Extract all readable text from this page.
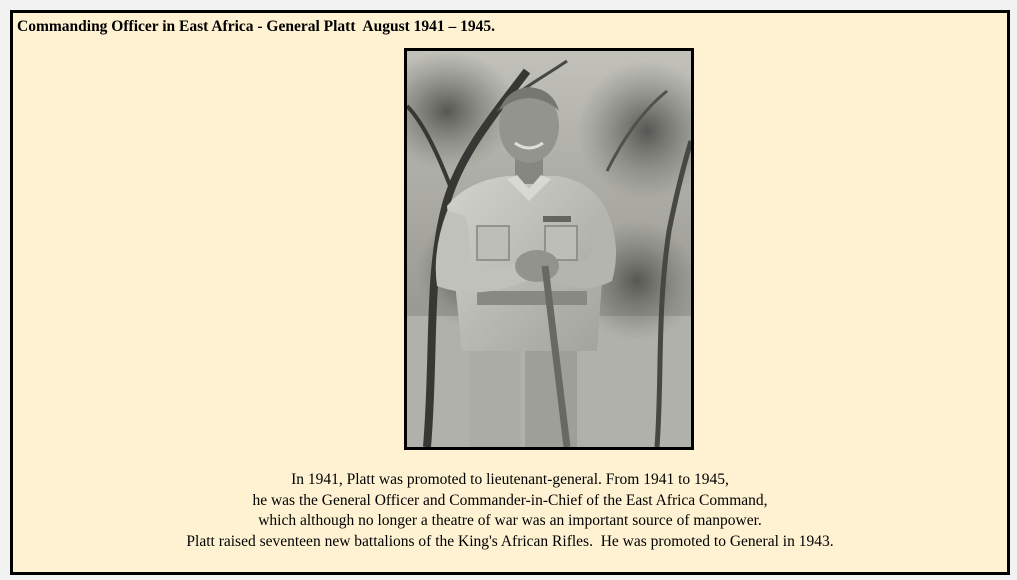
Commanding Officer in East Africa - General Platt  August 1941 – 1945.
In 1941, Platt was promoted to lieutenant-general. From 1941 to 1945,
he was the General Officer and Commander-in-Chief of the East Africa Command,
which although no longer a theatre of war was an important source of manpower.
Platt raised seventeen new battalions of the King's African Rifles.  He was promoted to General in 1943.
